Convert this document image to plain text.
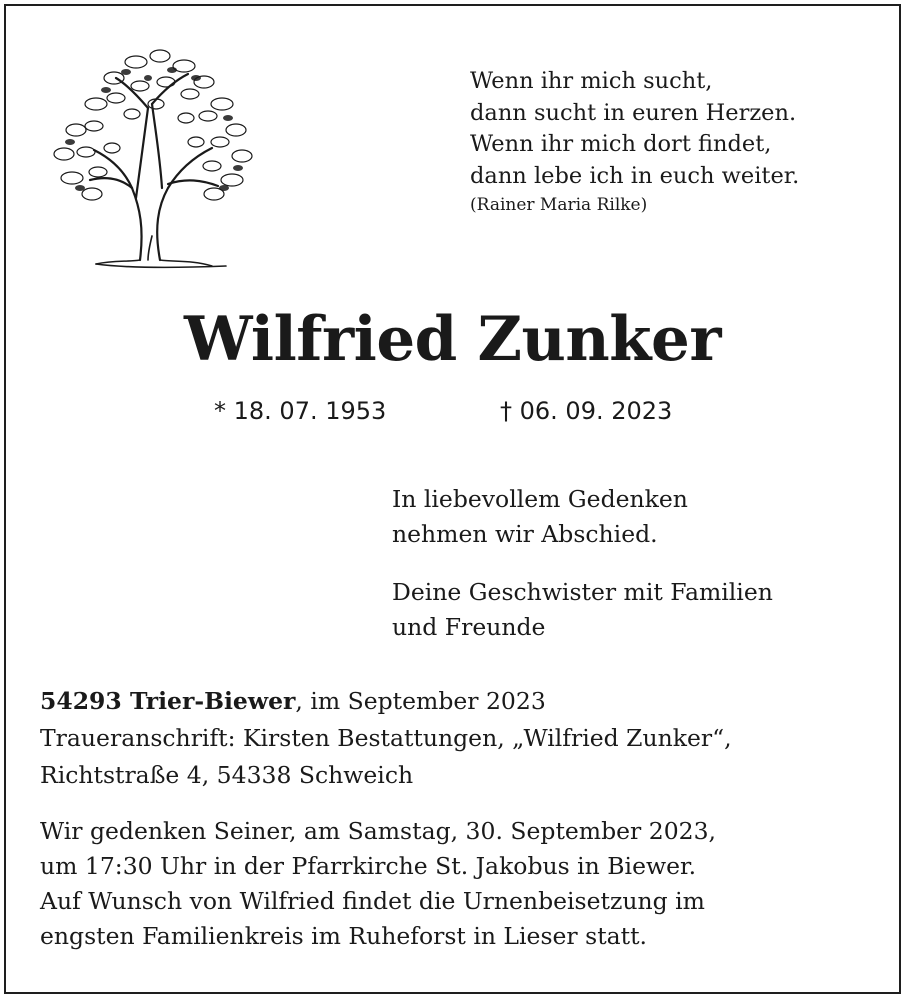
Wenn ihr mich sucht,
dann sucht in euren Herzen.
Wenn ihr mich dort findet,
dann lebe ich in euch weiter.
(Rainer Maria Rilke)
Wilfried Zunker
* 18. 07. 1953	† 06. 09. 2023
In liebevollem Gedenken
nehmen wir Abschied.
Deine Geschwister mit Familien
und Freunde
54293 Trier-Biewer, im September 2023
Traueranschrift: Kirsten Bestattungen, „Wilfried Zunker“,
Richtstraße 4, 54338 Schweich
Wir gedenken Seiner, am Samstag, 30. September 2023,
um 17:30 Uhr in der Pfarrkirche St. Jakobus in Biewer.
Auf Wunsch von Wilfried findet die Urnenbeisetzung im
engsten Familienkreis im Ruheforst in Lieser statt.
